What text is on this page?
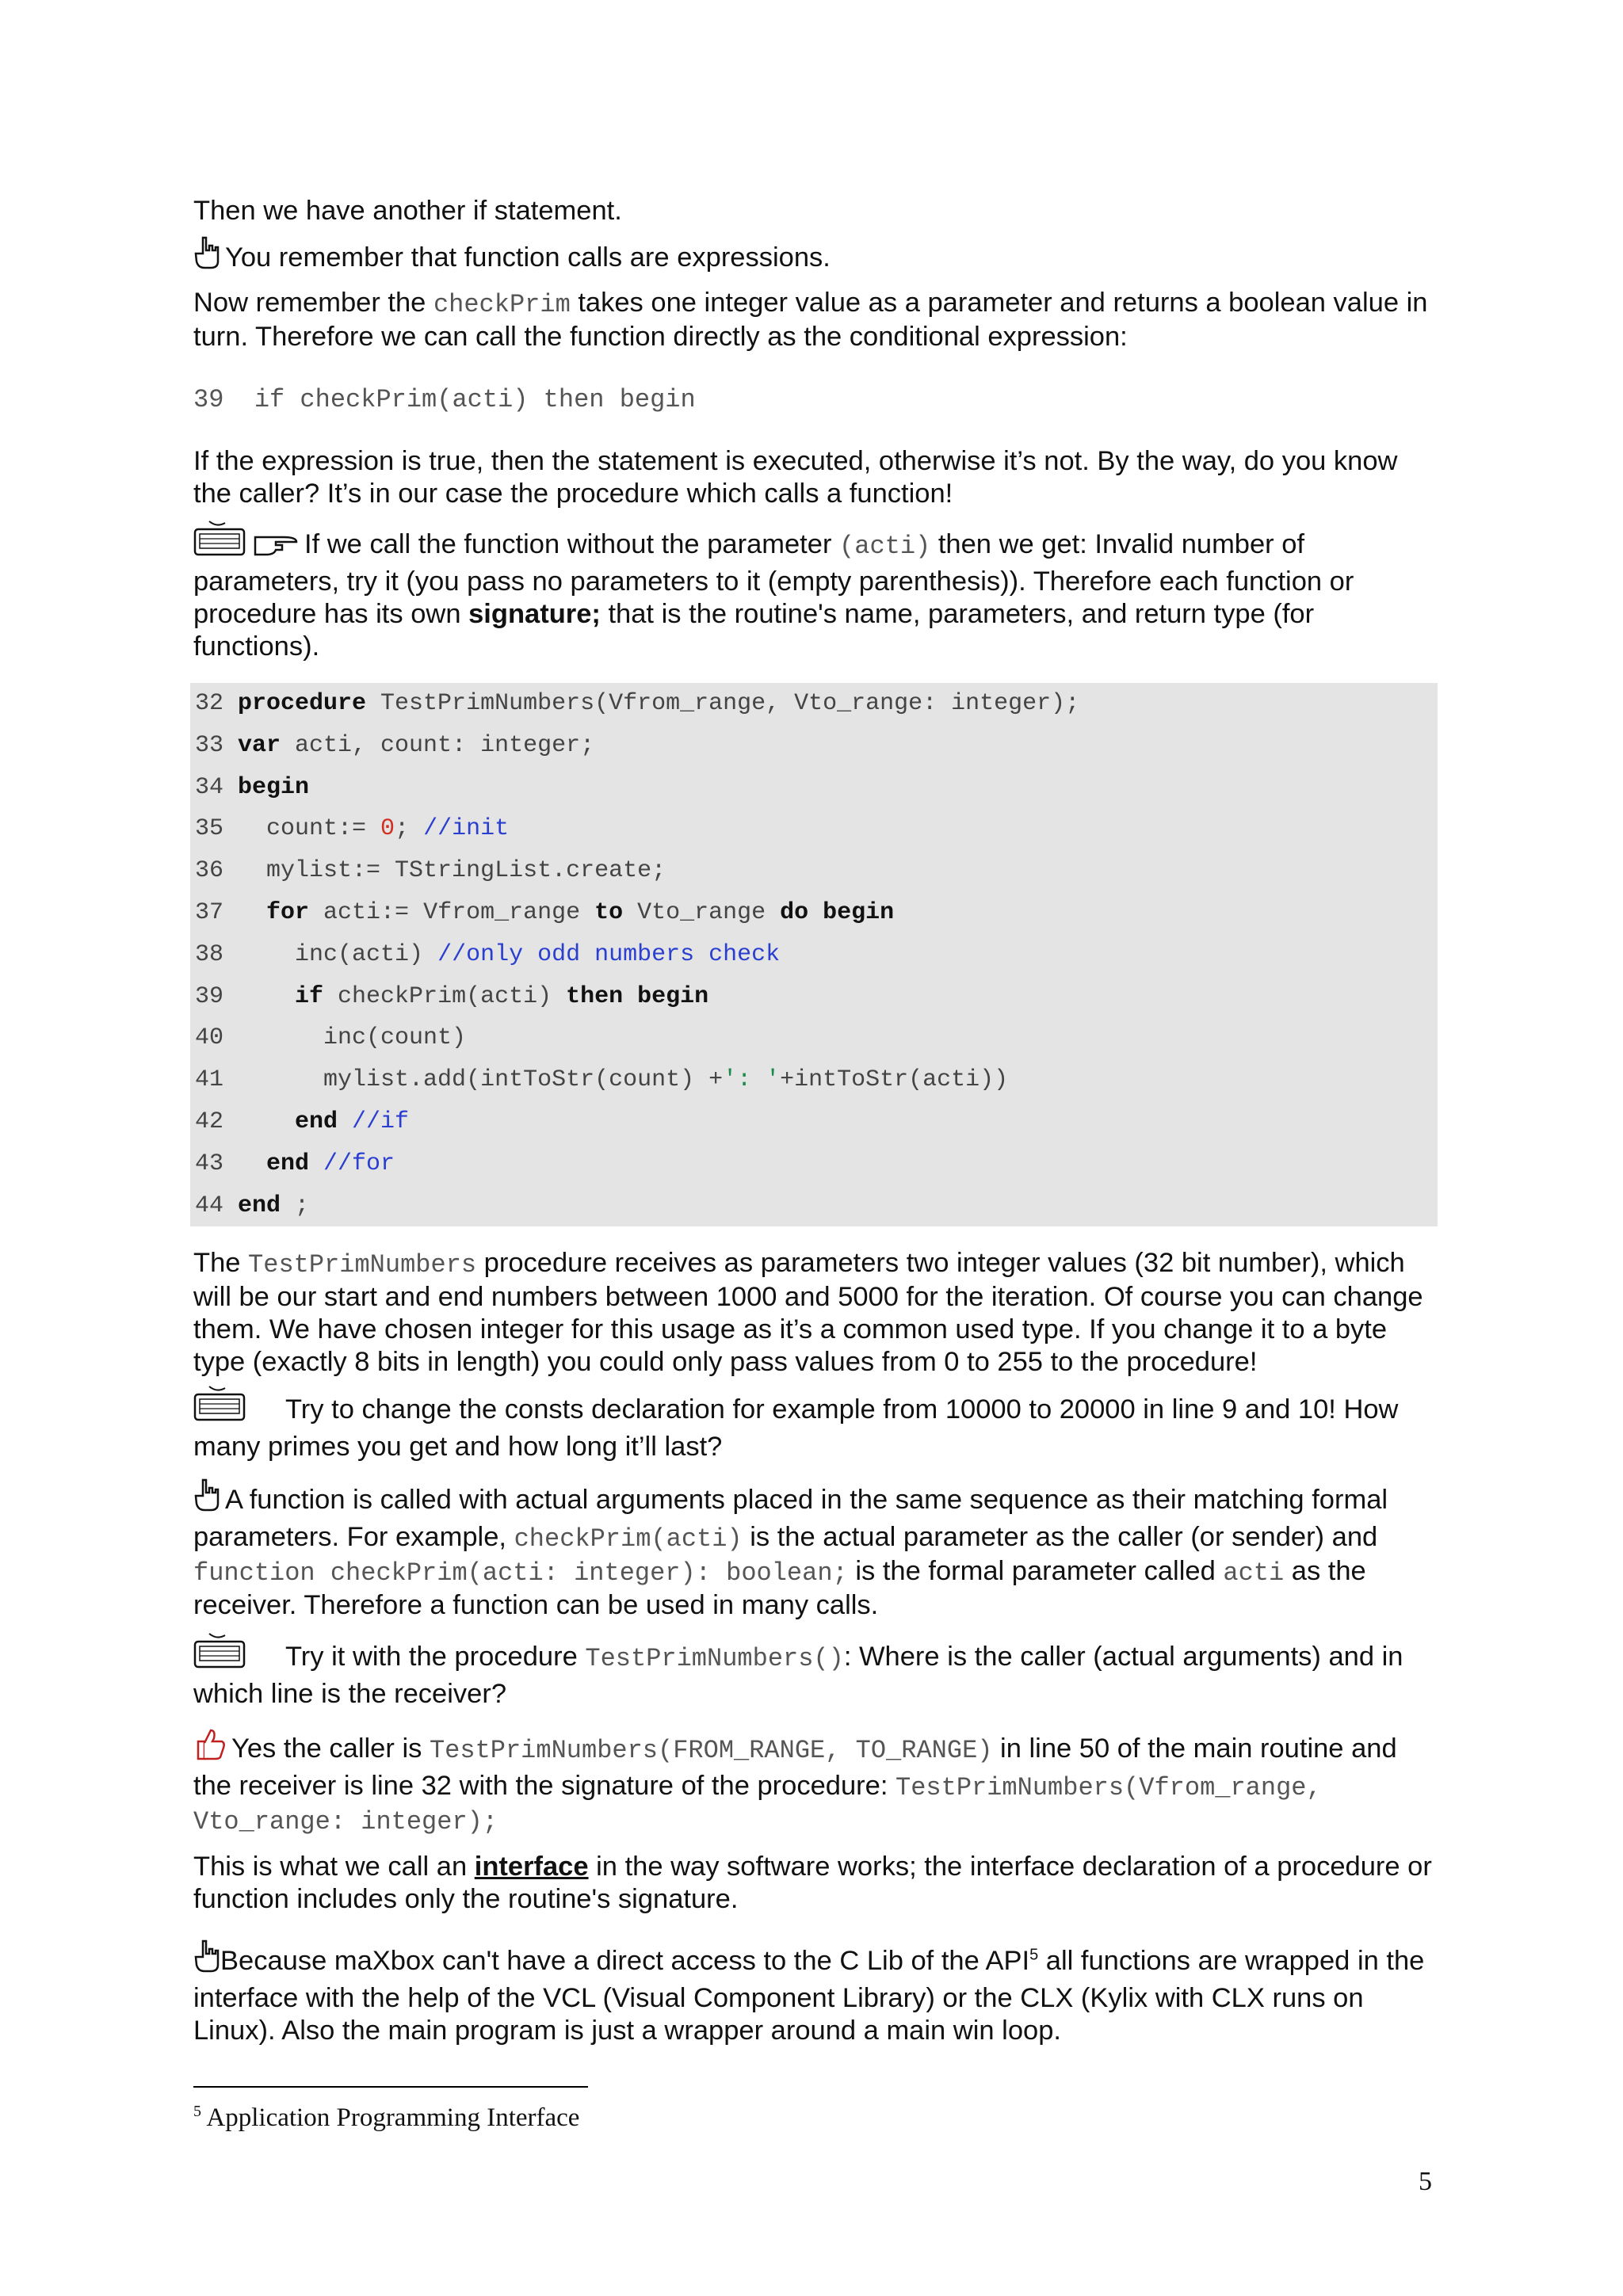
Then we have another if statement.
You remember that function calls are expressions.
Now remember the checkPrim takes one integer value as a parameter and returns a boolean value in turn. Therefore we can call the function directly as the conditional expression:
39  if checkPrim(acti) then begin
If the expression is true, then the statement is executed, otherwise it’s not. By the way, do you know the caller? It’s in our case the procedure which calls a function!
If we call the function without the parameter (acti) then we get: Invalid number of parameters, try it (you pass no parameters to it (empty parenthesis)). Therefore each function or procedure has its own signature; that is the routine's name, parameters, and return type (for functions).
32 procedure TestPrimNumbers(Vfrom_range, Vto_range: integer);
33 var acti, count: integer;
34 begin
35   count:= 0; //init
36   mylist:= TStringList.create;
37   for acti:= Vfrom_range to Vto_range do begin
38     inc(acti) //only odd numbers check
39     if checkPrim(acti) then begin
40       inc(count)
41       mylist.add(intToStr(count) +': '+intToStr(acti))
42     end //if
43   end //for
44 end ;
The TestPrimNumbers procedure receives as parameters two integer values (32 bit number), which will be our start and end numbers between 1000 and 5000 for the iteration. Of course you can change them. We have chosen integer for this usage as it’s a common used type. If you change it to a byte type (exactly 8 bits in length) you could only pass values from 0 to 255 to the procedure!
Try to change the consts declaration for example from 10000 to 20000 in line 9 and 10! How many primes you get and how long it’ll last?
A function is called with actual arguments placed in the same sequence as their matching formal parameters. For example, checkPrim(acti) is the actual parameter as the caller (or sender) and function checkPrim(acti: integer): boolean; is the formal parameter called acti as the receiver. Therefore a function can be used in many calls.
Try it with the procedure TestPrimNumbers(): Where is the caller (actual arguments) and in which line is the receiver?
Yes the caller is TestPrimNumbers(FROM_RANGE, TO_RANGE) in line 50 of the main routine and the receiver is line 32 with the signature of the procedure: TestPrimNumbers(Vfrom_range, Vto_range: integer);
This is what we call an interface in the way software works; the interface declaration of a procedure or function includes only the routine's signature.
Because maXbox can't have a direct access to the C Lib of the API$^5$ all functions are wrapped in the interface with the help of the VCL (Visual Component Library) or the CLX (Kylix with CLX runs on Linux). Also the main program is just a wrapper around a main win loop.
$^5$ Application Programming Interface
5
